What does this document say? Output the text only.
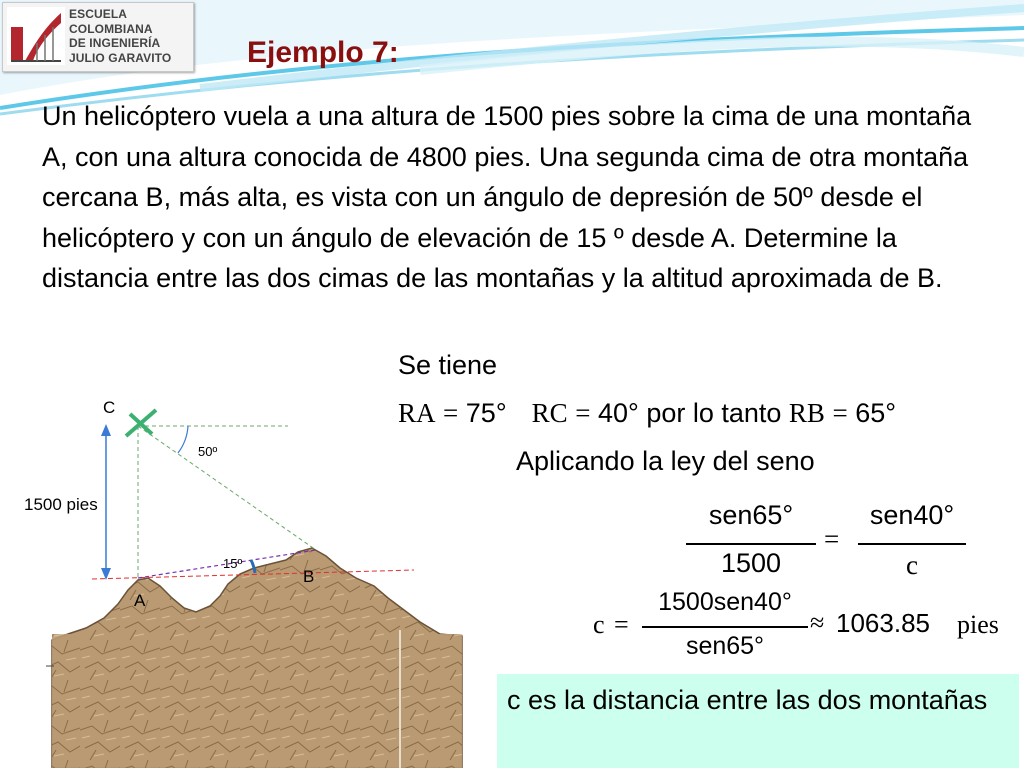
ESCUELA
COLOMBIANA
DE INGENIERÍA
JULIO GARAVITO	Ejemplo 7:

Un helicóptero vuela a una altura de 1500 pies sobre la cima de una montaña A, con una altura conocida de 4800 pies. Una segunda cima de otra montaña cercana B, más alta, es vista con un ángulo de depresión de 50º desde el helicóptero y con un ángulo de elevación de 15 º desde A. Determine la distancia entre las dos cimas de las montañas y la altitud aproximada de B.

C
50º
15º
A
B
1500 pies
Se tiene
RA = 75° RC = 40° por lo tanto RB = 65°
Aplicando la ley del seno
sen65°
1500
=
sen40°
c
c =
1500sen40°
sen65°
≈ 1063.85 pies

c es la distancia entre las dos montañas
